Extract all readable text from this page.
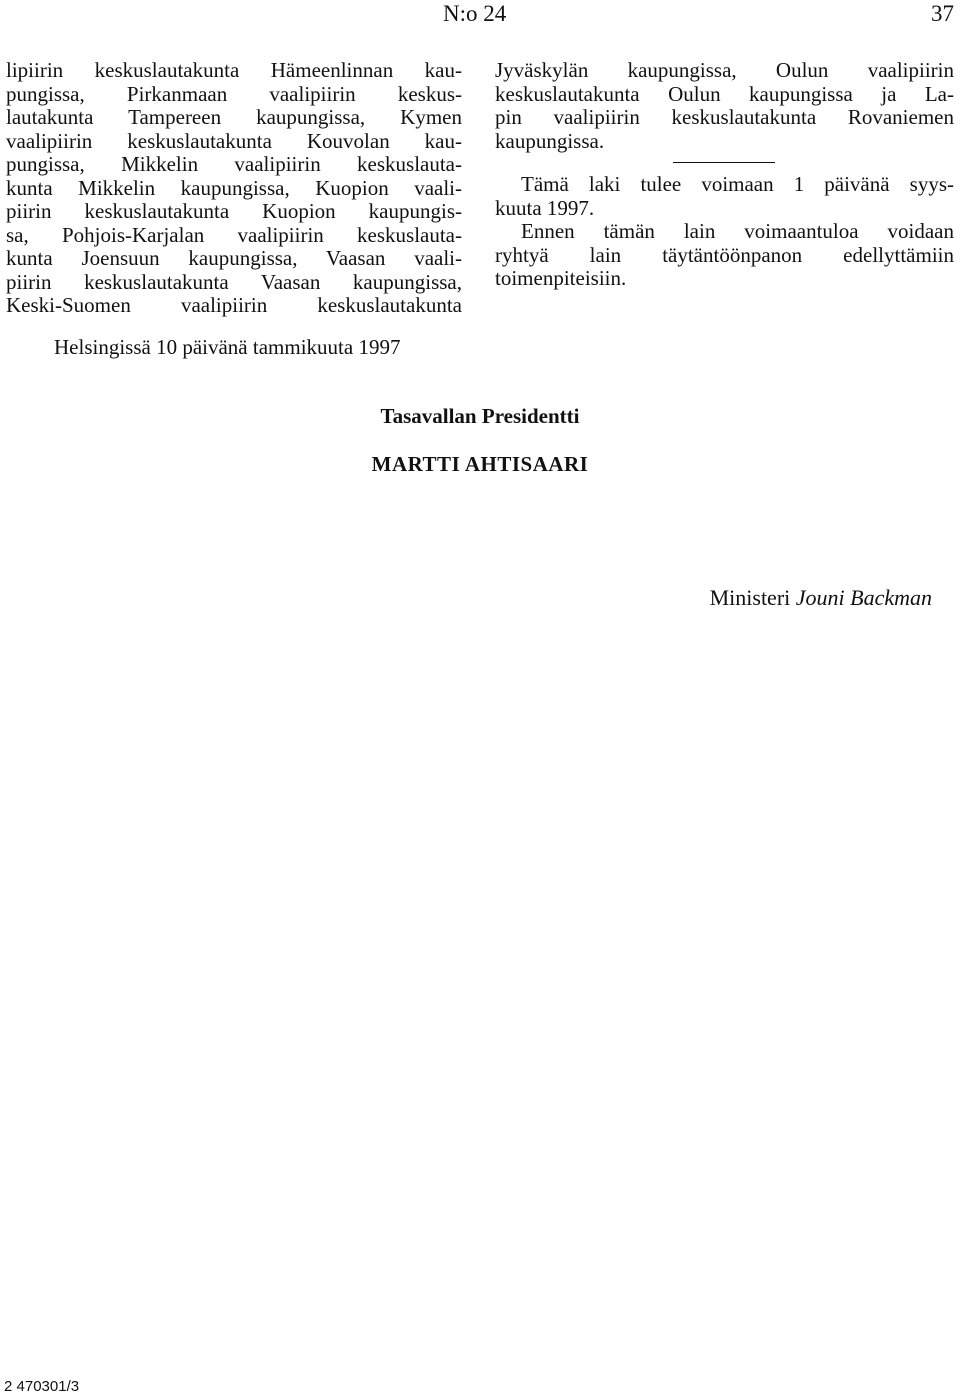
N:o 24	37
lipiirin keskuslautakunta Hämeenlinnan kau-
pungissa, Pirkanmaan vaalipiirin keskus-
lautakunta Tampereen kaupungissa, Kymen
vaalipiirin keskuslautakunta Kouvolan kau-
pungissa, Mikkelin vaalipiirin keskuslauta-
kunta Mikkelin kaupungissa, Kuopion vaali-
piirin keskuslautakunta Kuopion kaupungis-
sa, Pohjois-Karjalan vaalipiirin keskuslauta-
kunta Joensuun kaupungissa, Vaasan vaali-
piirin keskuslautakunta Vaasan kaupungissa,
Keski-Suomen vaalipiirin keskuslautakunta
Jyväskylän kaupungissa, Oulun vaalipiirin
keskuslautakunta Oulun kaupungissa ja La-
pin vaalipiirin keskuslautakunta Rovaniemen
kaupungissa.
Tämä laki tulee voimaan 1 päivänä syys-
kuuta 1997.
Ennen tämän lain voimaantuloa voidaan
ryhtyä lain täytäntöönpanon edellyttämiin
toimenpiteisiin.
Helsingissä 10 päivänä tammikuuta 1997
Tasavallan Presidentti
MARTTI AHTISAARI
Ministeri Jouni Backman
2 470301/3
